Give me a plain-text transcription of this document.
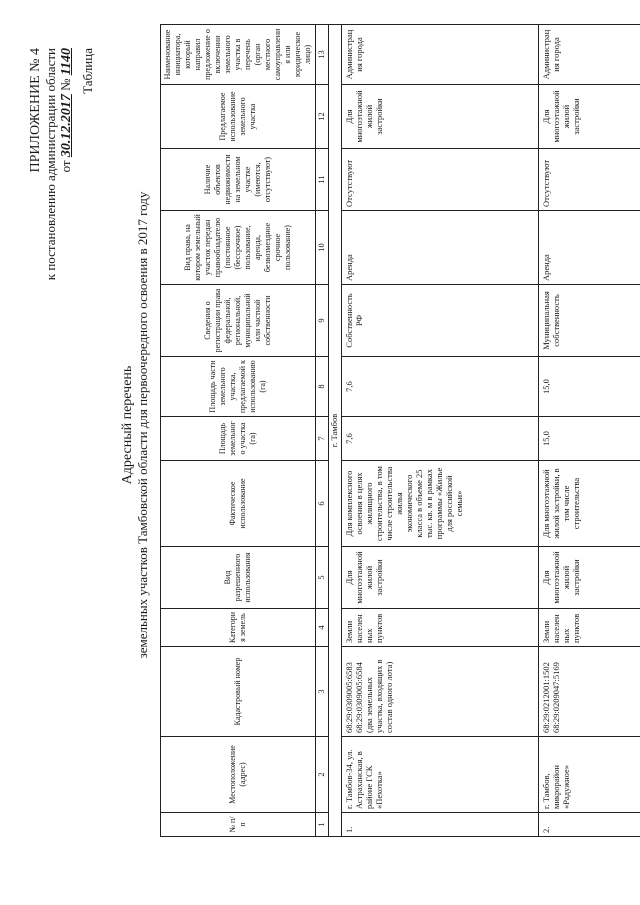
ПРИЛОЖЕНИЕ № 4 к постановлению администрации области от 30.12.2017 № 1140 Таблица
Адресный перечень земельных участков Тамбовской области для первоочередного освоения в 2017 году
№ п/п	Местоположение (адрес)	Кадастровый номер	Категория земель	Вид разрешенного использования	Фактическое использование	Площадь земельного участка (га)	Площадь части земельного участка, предлагаемой к использованию (га)	Сведения о регистрации права федеральной, региональной, муниципальной или частной собственности	Вид права, на котором земельный участок передан правообладателю (постоянное (бессрочное) пользование, аренда, безвозмездное срочное пользование)	Наличие объектов недвижимости на земельном участке (имеются, отсутствуют)	Предлагаемое использование земельного участка	Наименование инициатора, который направил предложение о включении земельного участка в перечень (орган местного самоуправления или юридическое лицо)
1	2	3	4	5	6	7	8	9	10	11	12	13
г. Тамбов												
1.	г. Тамбов-34, ул. Астраханская, в районе ГСК «Пехотка»	68:29:0309005:6583 68:29:0309005:6584 (два земельных участка, входящих в состав одного лота)	Земли населенных пунктов	Для многоэтажной жилой застройки	Для комплексного освоения в целях жилищного строительства, в том числе строительства жилья экономического класса в объеме 25 тыс. кв. м в рамках программы «Жилье для российской семьи»	7,6	7,6	Собственность РФ	Аренда	Отсутствуют	Для многоэтажной жилой застройки	Администрация города
2.	г. Тамбов, микрорайон «Радужное»	68:29:0212001:1502 68:29:0209047:5169	Земли населенных пунктов	Для многоэтажной жилой застройки	Для многоэтажной жилой застройки, в том числе строительства	15,0	15,0	Муниципальная собственность	Аренда	Отсутствуют	Для многоэтажной жилой застройки	Администрация города
